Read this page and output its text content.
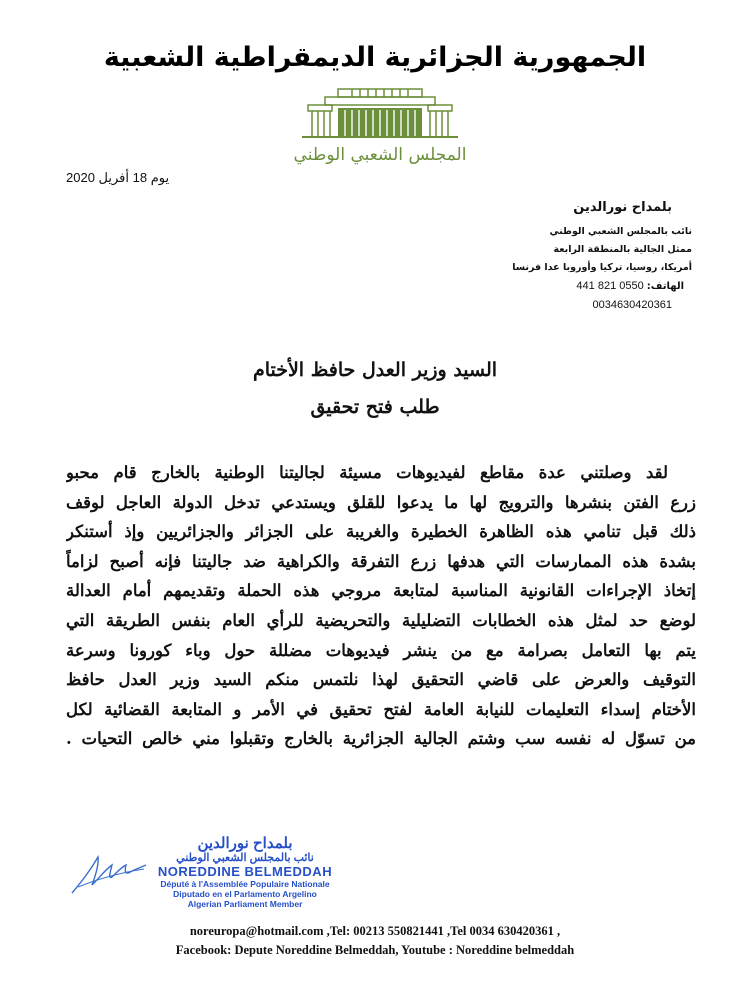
الجمهورية الجزائرية الديمقراطية الشعبية
المجلس الشعبي الوطني
يوم 18 أفريل 2020
بلمداح نورالدين
نائب بالمجلس الشعبي الوطني
ممثل الجالية بالمنطقة الرابعة
أمريكا، روسيا، تركيا وأوروبا عدا فرنسا
الهاتف: 0550 821 441
0034630420361
السيد وزير العدل حافظ الأختام
طلب فتح تحقيق
لقد وصلتني عدة مقاطع لفيديوهات مسيئة لجاليتنا الوطنية بالخارج قام محبو
زرع الفتن بنشرها والترويج لها ما يدعوا للقلق ويستدعي تدخل الدولة العاجل لوقف
ذلك قبل تنامي هذه الظاهرة الخطيرة والغريبة على الجزائر والجزائريين وإذ أستنكر
بشدة هذه الممارسات التي هدفها زرع التفرقة والكراهية ضد جاليتنا فإنه أصبح لزاماً
إتخاذ الإجراءات القانونية المناسبة لمتابعة مروجي هذه الحملة وتقديمهم أمام العدالة
لوضع حد لمثل هذه الخطابات التضليلية والتحريضية للرأي العام بنفس الطريقة التي
يتم بها التعامل بصرامة مع من ينشر فيديوهات مضللة حول وباء كورونا وسرعة
التوقيف والعرض على قاضي التحقيق لهذا نلتمس منكم السيد وزير العدل حافظ
الأختام إسداء التعليمات للنيابة العامة لفتح تحقيق في الأمر و المتابعة القضائية لكل
من تسوّل له نفسه سب وشتم الجالية الجزائرية بالخارج وتقبلوا مني خالص التحيات .
بلمداح نورالدين
نائب بالمجلس الشعبي الوطني
NOREDDINE BELMEDDAH
Député à l'Assemblée Populaire Nationale
Diputado en el Parlamento Argelino
Algerian Parliament Member
noreuropa@hotmail.com ,Tel: 00213 550821441 ,Tel 0034 630420361 ,
Facebook: Depute Noreddine Belmeddah, Youtube : Noreddine belmeddah
